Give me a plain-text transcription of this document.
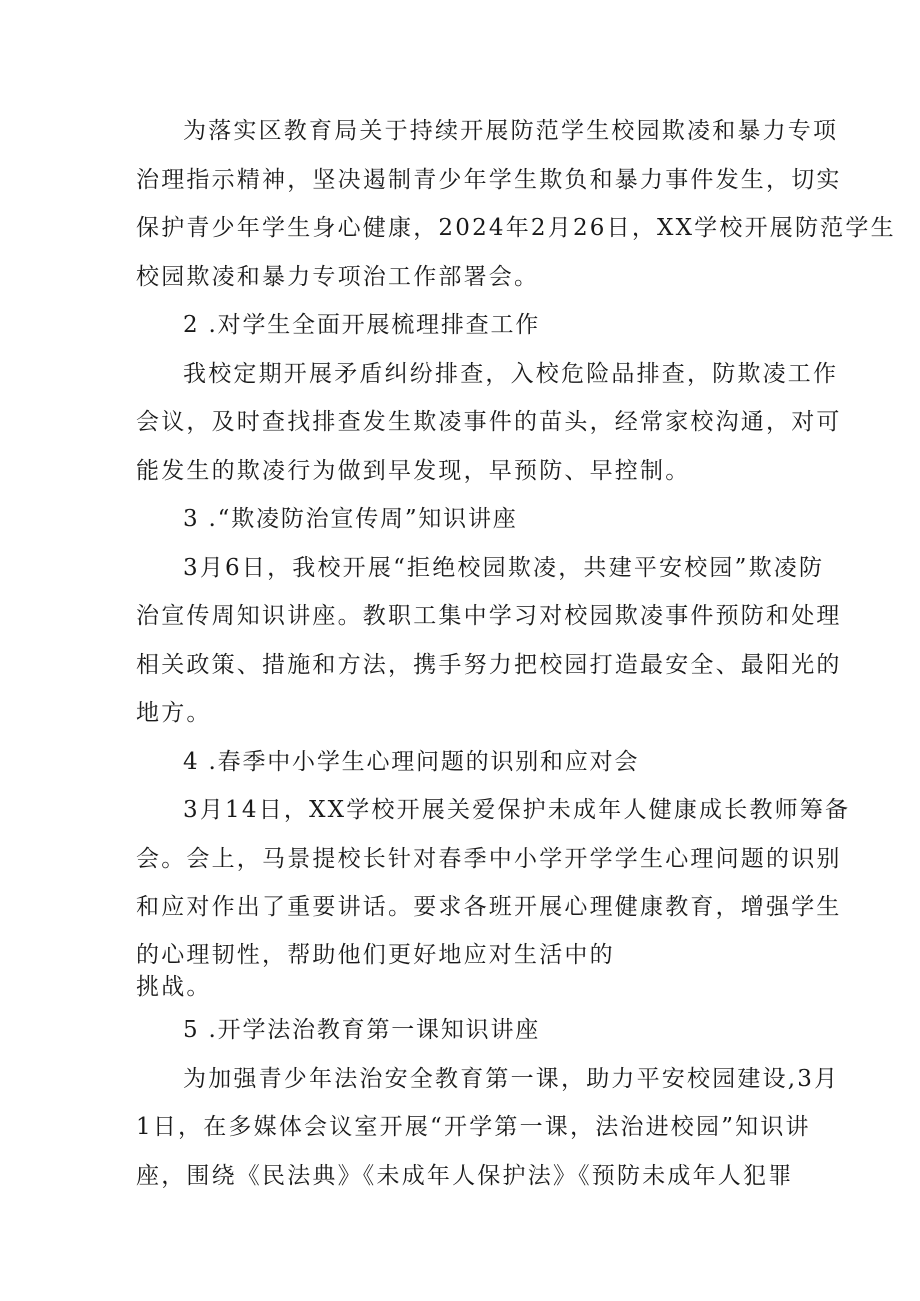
为落实区教育局关于持续开展防范学生校园欺凌和暴力专项
治理指示精神，坚决遏制青少年学生欺负和暴力事件发生，切实
保护青少年学生身心健康，2024年2月26日，XX学校开展防范学生
校园欺凌和暴力专项治工作部署会。
2 .对学生全面开展梳理排查工作
我校定期开展矛盾纠纷排查，入校危险品排查，防欺凌工作
会议，及时查找排查发生欺凌事件的苗头，经常家校沟通，对可
能发生的欺凌行为做到早发现，早预防、早控制。
3 .“欺凌防治宣传周”知识讲座
3月6日，我校开展“拒绝校园欺凌，共建平安校园”欺凌防
治宣传周知识讲座。教职工集中学习对校园欺凌事件预防和处理
相关政策、措施和方法，携手努力把校园打造最安全、最阳光的
地方。
4 .春季中小学生心理问题的识别和应对会
3月14日，XX学校开展关爱保护未成年人健康成长教师筹备
会。会上，马景提校长针对春季中小学开学学生心理问题的识别
和应对作出了重要讲话。要求各班开展心理健康教育，增强学生
的心理韧性，帮助他们更好地应对生活中的
挑战。
5 .开学法治教育第一课知识讲座
为加强青少年法治安全教育第一课，助力平安校园建设,3月
1日，在多媒体会议室开展“开学第一课，法治进校园”知识讲
座，围绕《民法典》《未成年人保护法》《预防未成年人犯罪
